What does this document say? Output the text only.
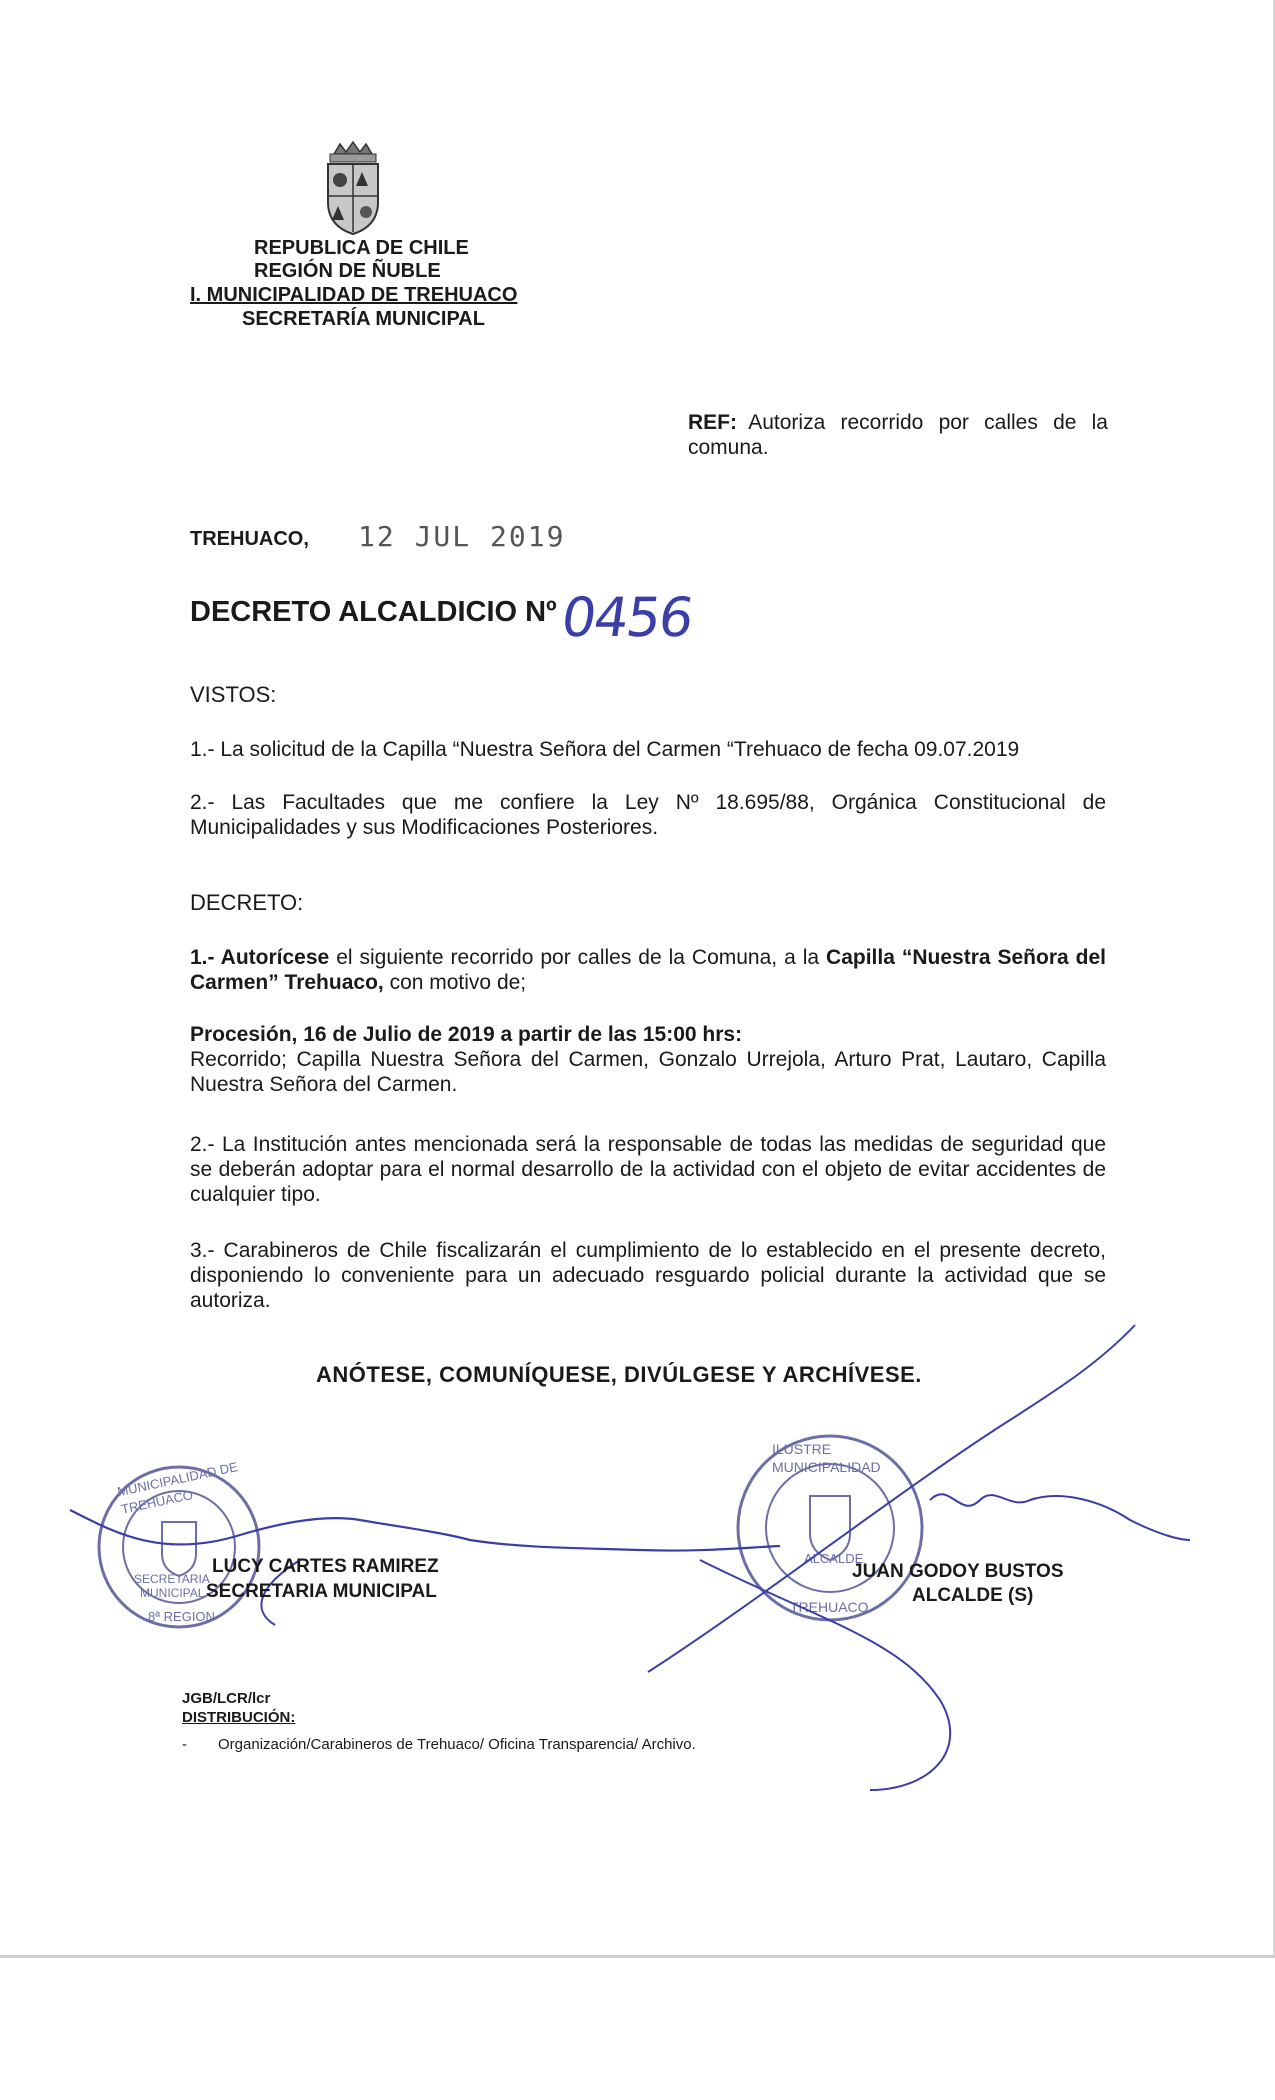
REPUBLICA DE CHILE
REGIÓN DE ÑUBLE
I. MUNICIPALIDAD DE TREHUACO
SECRETARÍA MUNICIPAL
REF: Autoriza recorrido por calles de la comuna.
TREHUACO, 12 JUL 2019
DECRETO ALCALDICIO Nº 0456
VISTOS:
1.- La solicitud de la Capilla “Nuestra Señora del Carmen “Trehuaco de fecha 09.07.2019
2.- Las Facultades que me confiere la Ley Nº 18.695/88, Orgánica Constitucional de Municipalidades y sus Modificaciones Posteriores.
DECRETO:
1.- Autorícese el siguiente recorrido por calles de la Comuna, a la Capilla “Nuestra Señora del Carmen” Trehuaco, con motivo de;
Procesión, 16 de Julio de 2019 a partir de las 15:00 hrs:
Recorrido; Capilla Nuestra Señora del Carmen, Gonzalo Urrejola, Arturo Prat, Lautaro, Capilla Nuestra Señora del Carmen.
2.- La Institución antes mencionada será la responsable de todas las medidas de seguridad que se deberán adoptar para el normal desarrollo de la actividad con el objeto de evitar accidentes de cualquier tipo.
3.- Carabineros de Chile fiscalizarán el cumplimiento de lo establecido en el presente decreto, disponiendo lo conveniente para un adecuado resguardo policial durante la actividad que se autoriza.
ANÓTESE, COMUNÍQUESE, DIVÚLGESE Y ARCHÍVESE.
MUNICIPALIDAD DE TREHUACO
SECRETARIA
MUNICIPAL
8ª REGION
ILUSTRE MUNICIPALIDAD
ALCALDE
TREHUACO
LUCY CARTES RAMIREZ
SECRETARIA MUNICIPAL
JUAN GODOY BUSTOS
ALCALDE (S)
JGB/LCR/lcr
DISTRIBUCIÓN:
- Organización/Carabineros de Trehuaco/ Oficina Transparencia/ Archivo.
